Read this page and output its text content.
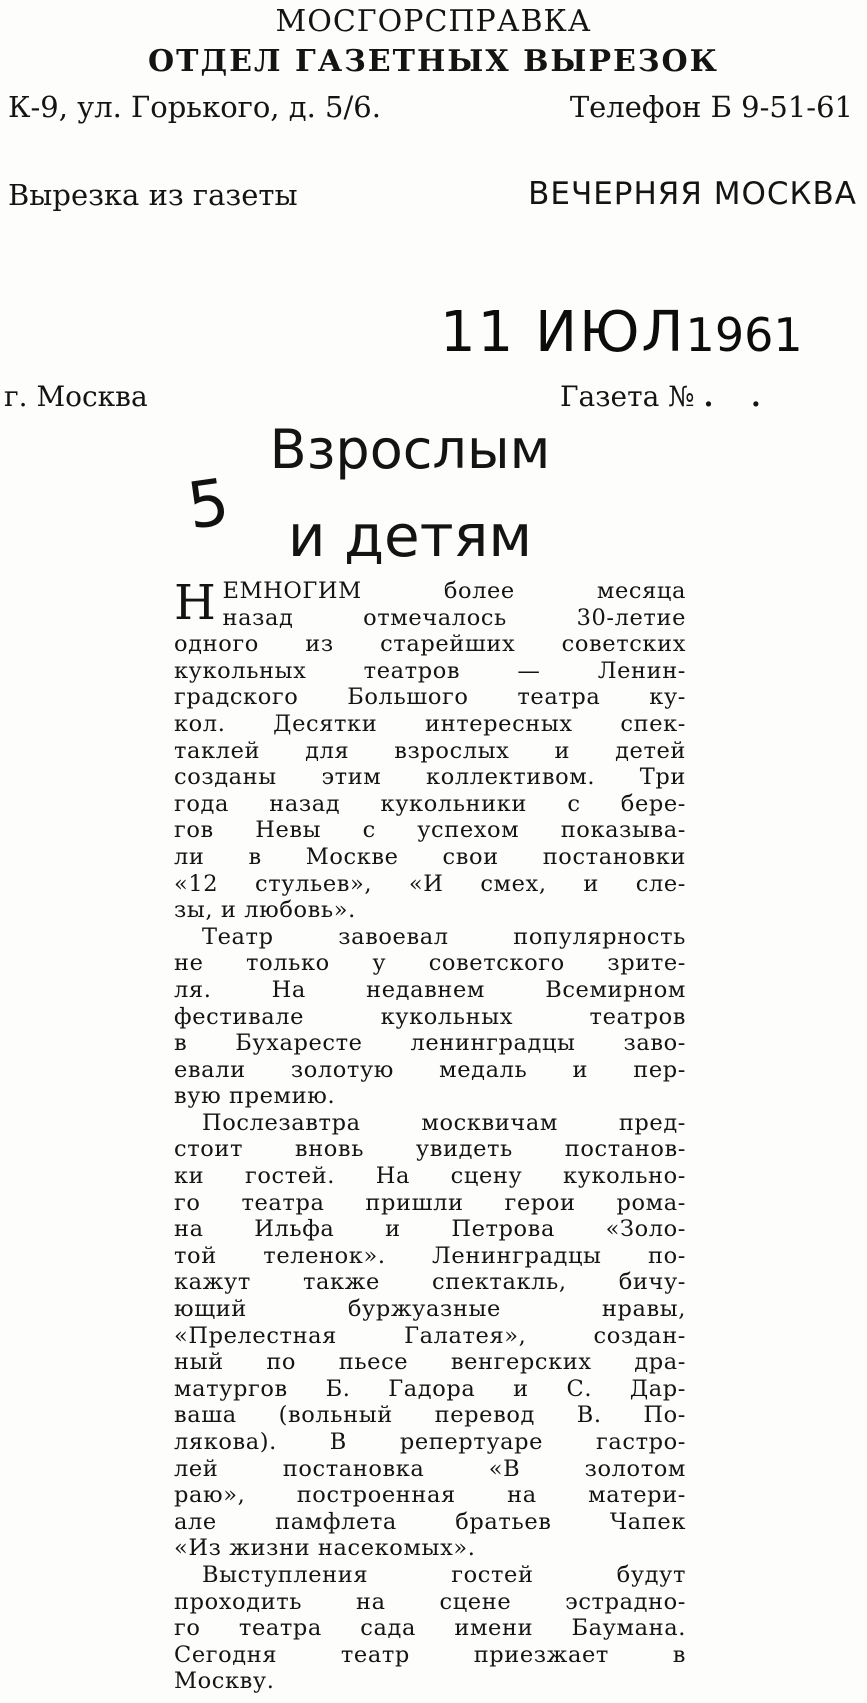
МОСГОРСПРАВКА
ОТДЕЛ ГАЗЕТНЫХ ВЫРЕЗОК
К-9, ул. Горького, д. 5/6.	Телефон Б 9-51-61
Вырезка из газеты	ВЕЧЕРНЯЯ МОСКВА
11 ИЮЛ1961
г. Москва	Газета № . .
5
Взрослым
и детям
Н ЕМНОГИМ более месяца
назад отмечалось 30-летие
одного из старейших советских
кукольных театров — Ленин-
градского Большого театра ку-
кол. Десятки интересных спек-
таклей для взрослых и детей
созданы этим коллективом. Три
года назад кукольники с бере-
гов Невы с успехом показыва-
ли в Москве свои постановки
«12 стульев», «И смех, и сле-
зы, и любовь».
Театр завоевал популярность
не только у советского зрите-
ля. На недавнем Всемирном
фестивале кукольных театров
в Бухаресте ленинградцы заво-
евали золотую медаль и пер-
вую премию.
Послезавтра москвичам пред-
стоит вновь увидеть постанов-
ки гостей. На сцену кукольно-
го театра пришли герои рома-
на Ильфа и Петрова «Золо-
той теленок». Ленинградцы по-
кажут также спектакль, бичу-
ющий буржуазные нравы,
«Прелестная Галатея», создан-
ный по пьесе венгерских дра-
матургов Б. Гадора и С. Дар-
ваша (вольный перевод В. По-
лякова). В репертуаре гастро-
лей постановка «В золотом
раю», построенная на матери-
але памфлета братьев Чапек
«Из жизни насекомых».
Выступления гостей будут
проходить на сцене эстрадно-
го театра сада имени Баумана.
Сегодня театр приезжает в
Москву.
